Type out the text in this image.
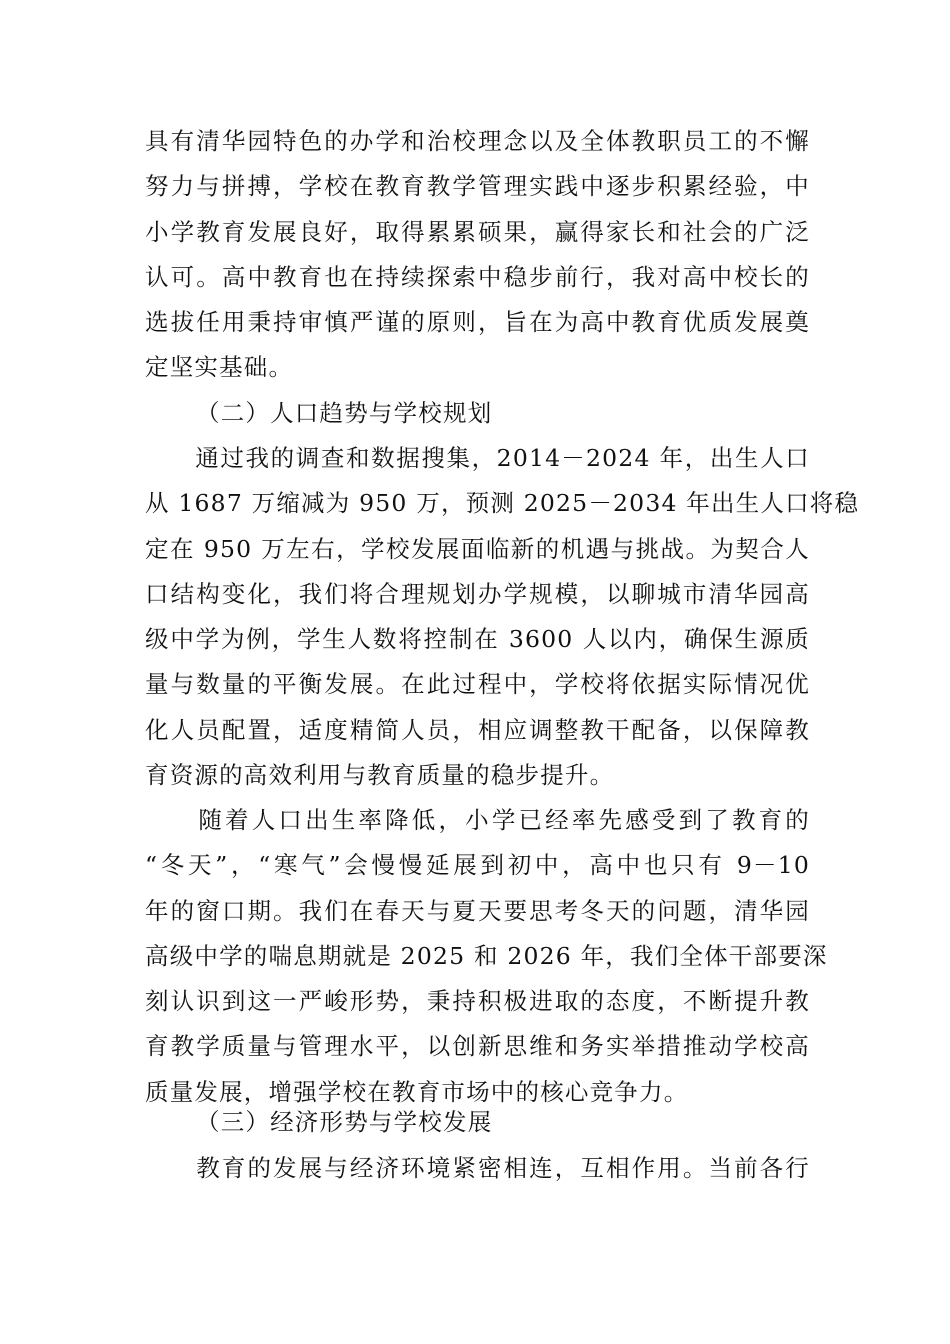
具有清华园特色的办学和治校理念以及全体教职员工的不懈
努力与拼搏，学校在教育教学管理实践中逐步积累经验，中
小学教育发展良好，取得累累硕果，赢得家长和社会的广泛
认可。高中教育也在持续探索中稳步前行，我对高中校长的
选拔任用秉持审慎严谨的原则，旨在为高中教育优质发展奠
定坚实基础。
（二）人口趋势与学校规划
　　通过我的调查和数据搜集，2014－2024 年，出生人口
从 1687 万缩减为 950 万，预测 2025－2034 年出生人口将稳
定在 950 万左右，学校发展面临新的机遇与挑战。为契合人
口结构变化，我们将合理规划办学规模，以聊城市清华园高
级中学为例，学生人数将控制在 3600 人以内，确保生源质
量与数量的平衡发展。在此过程中，学校将依据实际情况优
化人员配置，适度精简人员，相应调整教干配备，以保障教
育资源的高效利用与教育质量的稳步提升。
　　随着人口出生率降低，小学已经率先感受到了教育的
“冬天”，“寒气”会慢慢延展到初中，高中也只有 9－10
年的窗口期。我们在春天与夏天要思考冬天的问题，清华园
高级中学的喘息期就是 2025 和 2026 年，我们全体干部要深
刻认识到这一严峻形势，秉持积极进取的态度，不断提升教
育教学质量与管理水平，以创新思维和务实举措推动学校高
质量发展，增强学校在教育市场中的核心竞争力。
（三）经济形势与学校发展
　　教育的发展与经济环境紧密相连，互相作用。当前各行
